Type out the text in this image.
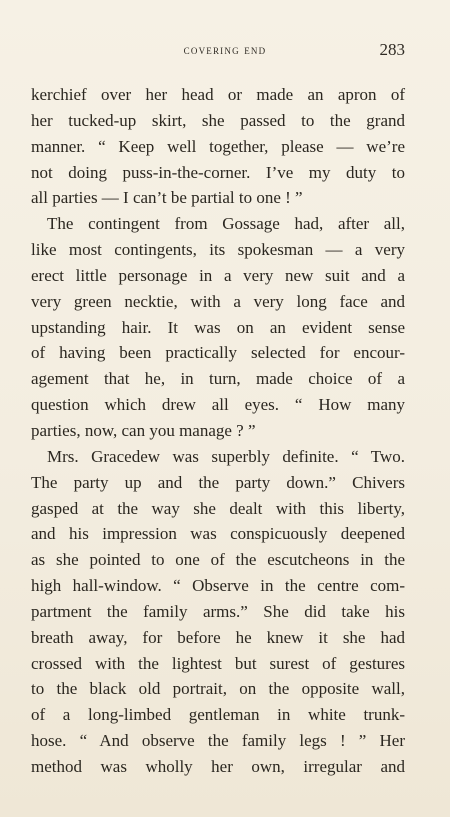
covering end	283
kerchief over her head or made an apron of
her tucked-up skirt, she passed to the grand
manner. “ Keep well together, please — we’re
not doing puss-in-the-corner. I’ve my duty to
all parties — I can’t be partial to one ! ”
The contingent from Gossage had, after all,
like most contingents, its spokesman — a very
erect little personage in a very new suit and a
very green necktie, with a very long face and
upstanding hair. It was on an evident sense
of having been practically selected for encour-
agement that he, in turn, made choice of a
question which drew all eyes. “ How many
parties, now, can you manage ? ”
Mrs. Gracedew was superbly definite. “ Two.
The party up and the party down.” Chivers
gasped at the way she dealt with this liberty,
and his impression was conspicuously deepened
as she pointed to one of the escutcheons in the
high hall-window. “ Observe in the centre com-
partment the family arms.” She did take his
breath away, for before he knew it she had
crossed with the lightest but surest of gestures
to the black old portrait, on the opposite wall,
of a long-limbed gentleman in white trunk-
hose. “ And observe the family legs ! ” Her
method was wholly her own, irregular and
